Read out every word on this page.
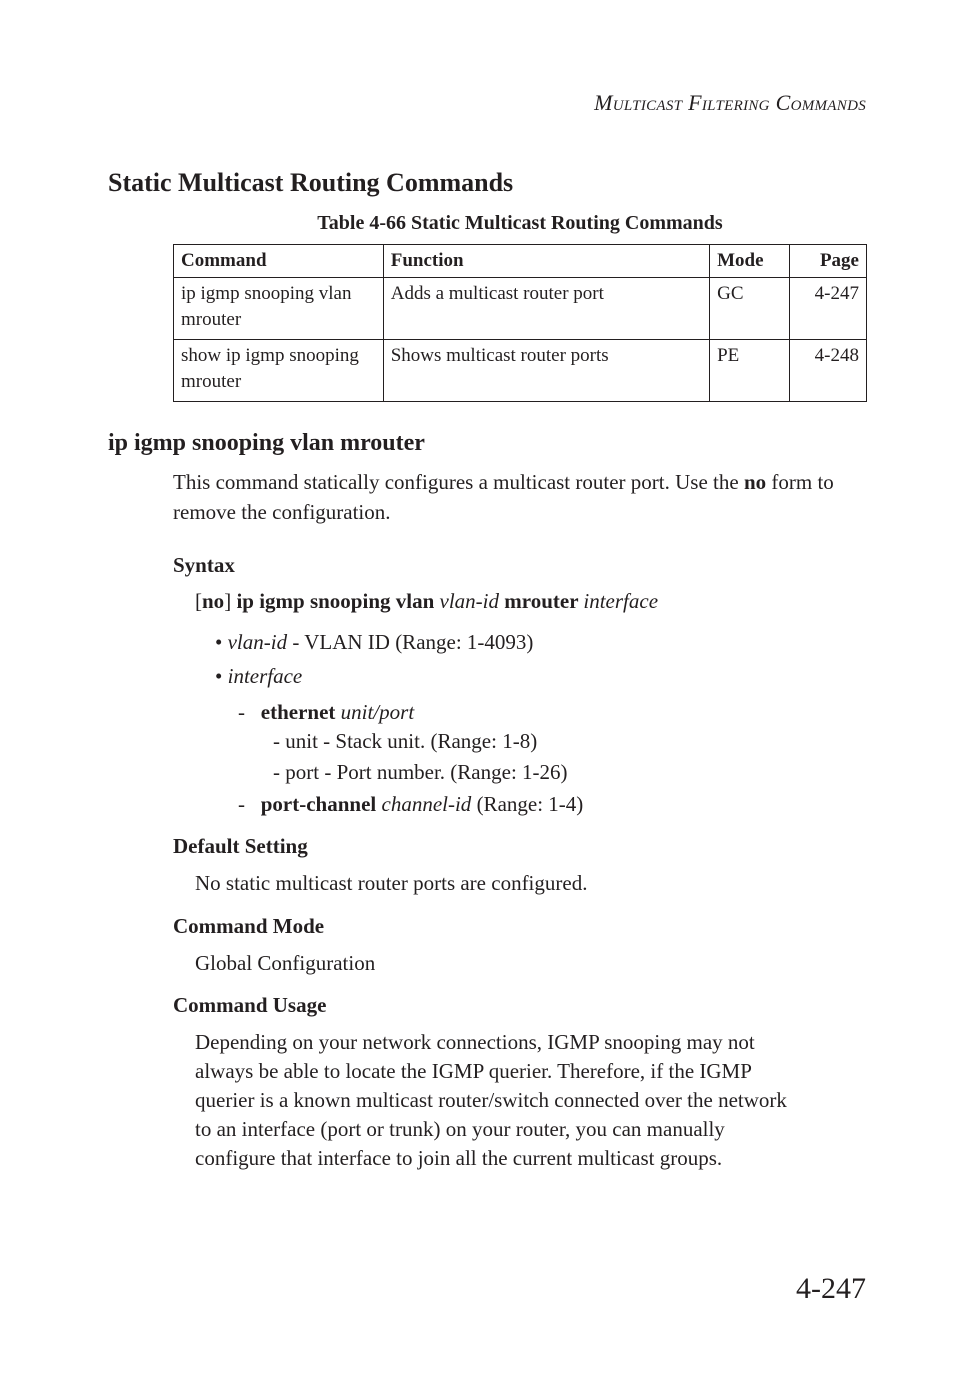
Multicast Filtering Commands
Static Multicast Routing Commands
Table 4-66 Static Multicast Routing Commands
Command	Function	Mode	Page
ip igmp snooping vlan mrouter	Adds a multicast router port	GC	4-247
show ip igmp snooping mrouter	Shows multicast router ports	PE	4-248
ip igmp snooping vlan mrouter
This command statically configures a multicast router port. Use the no form to remove the configuration.
Syntax
[no] ip igmp snooping vlan vlan-id mrouter interface
• vlan-id - VLAN ID (Range: 1-4093)
• interface
- ethernet unit/port
- unit - Stack unit. (Range: 1-8)
- port - Port number. (Range: 1-26)
- port-channel channel-id (Range: 1-4)
Default Setting
No static multicast router ports are configured.
Command Mode
Global Configuration
Command Usage
Depending on your network connections, IGMP snooping may not
always be able to locate the IGMP querier. Therefore, if the IGMP
querier is a known multicast router/switch connected over the network
to an interface (port or trunk) on your router, you can manually
configure that interface to join all the current multicast groups.
4-247
